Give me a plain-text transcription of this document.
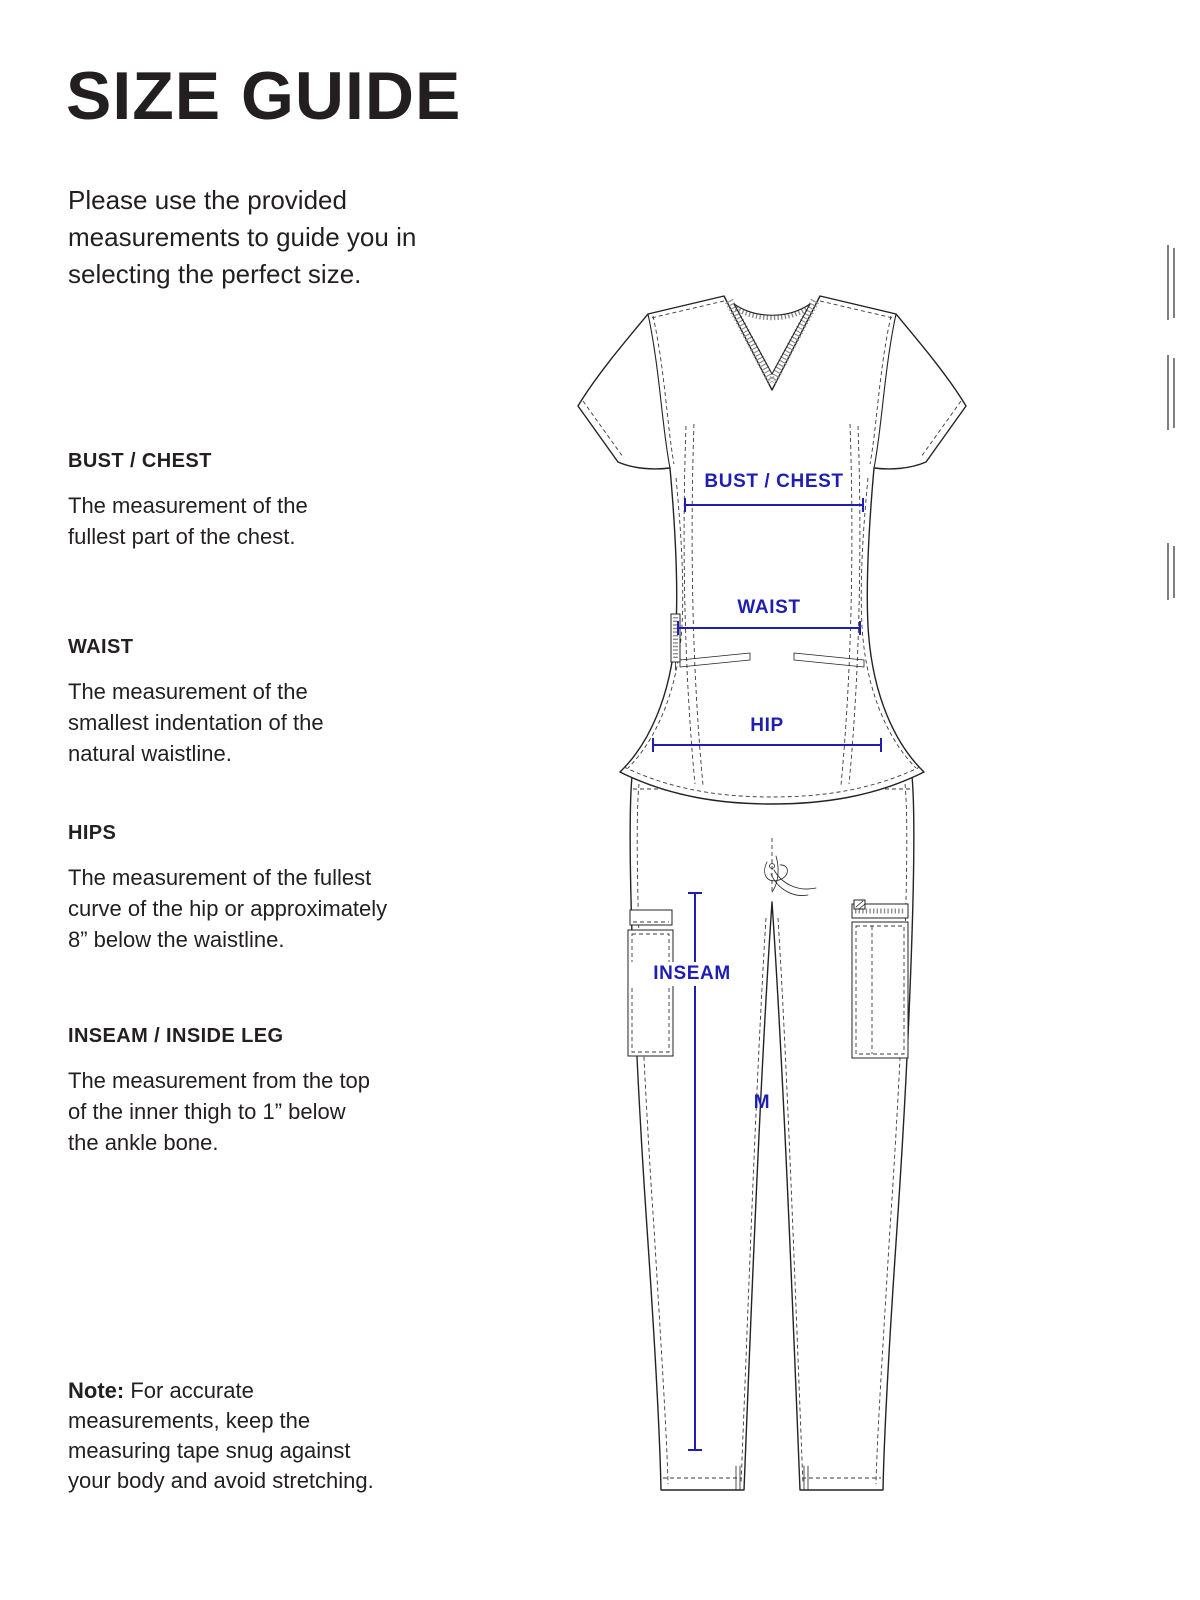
SIZE GUIDE
Please use the provided
measurements to guide you in
selecting the perfect size.
BUST / CHEST
The measurement of the
fullest part of the chest.
WAIST
The measurement of the
smallest indentation of the
natural waistline.
HIPS
The measurement of the fullest
curve of the hip or approximately
8” below the waistline.
INSEAM / INSIDE LEG
The measurement from the top
of the inner thigh to 1” below
the ankle bone.
Note: For accurate
measurements, keep the
measuring tape snug against
your body and avoid stretching.
BUST / CHEST
WAIST
HIP
INSEAM
M
